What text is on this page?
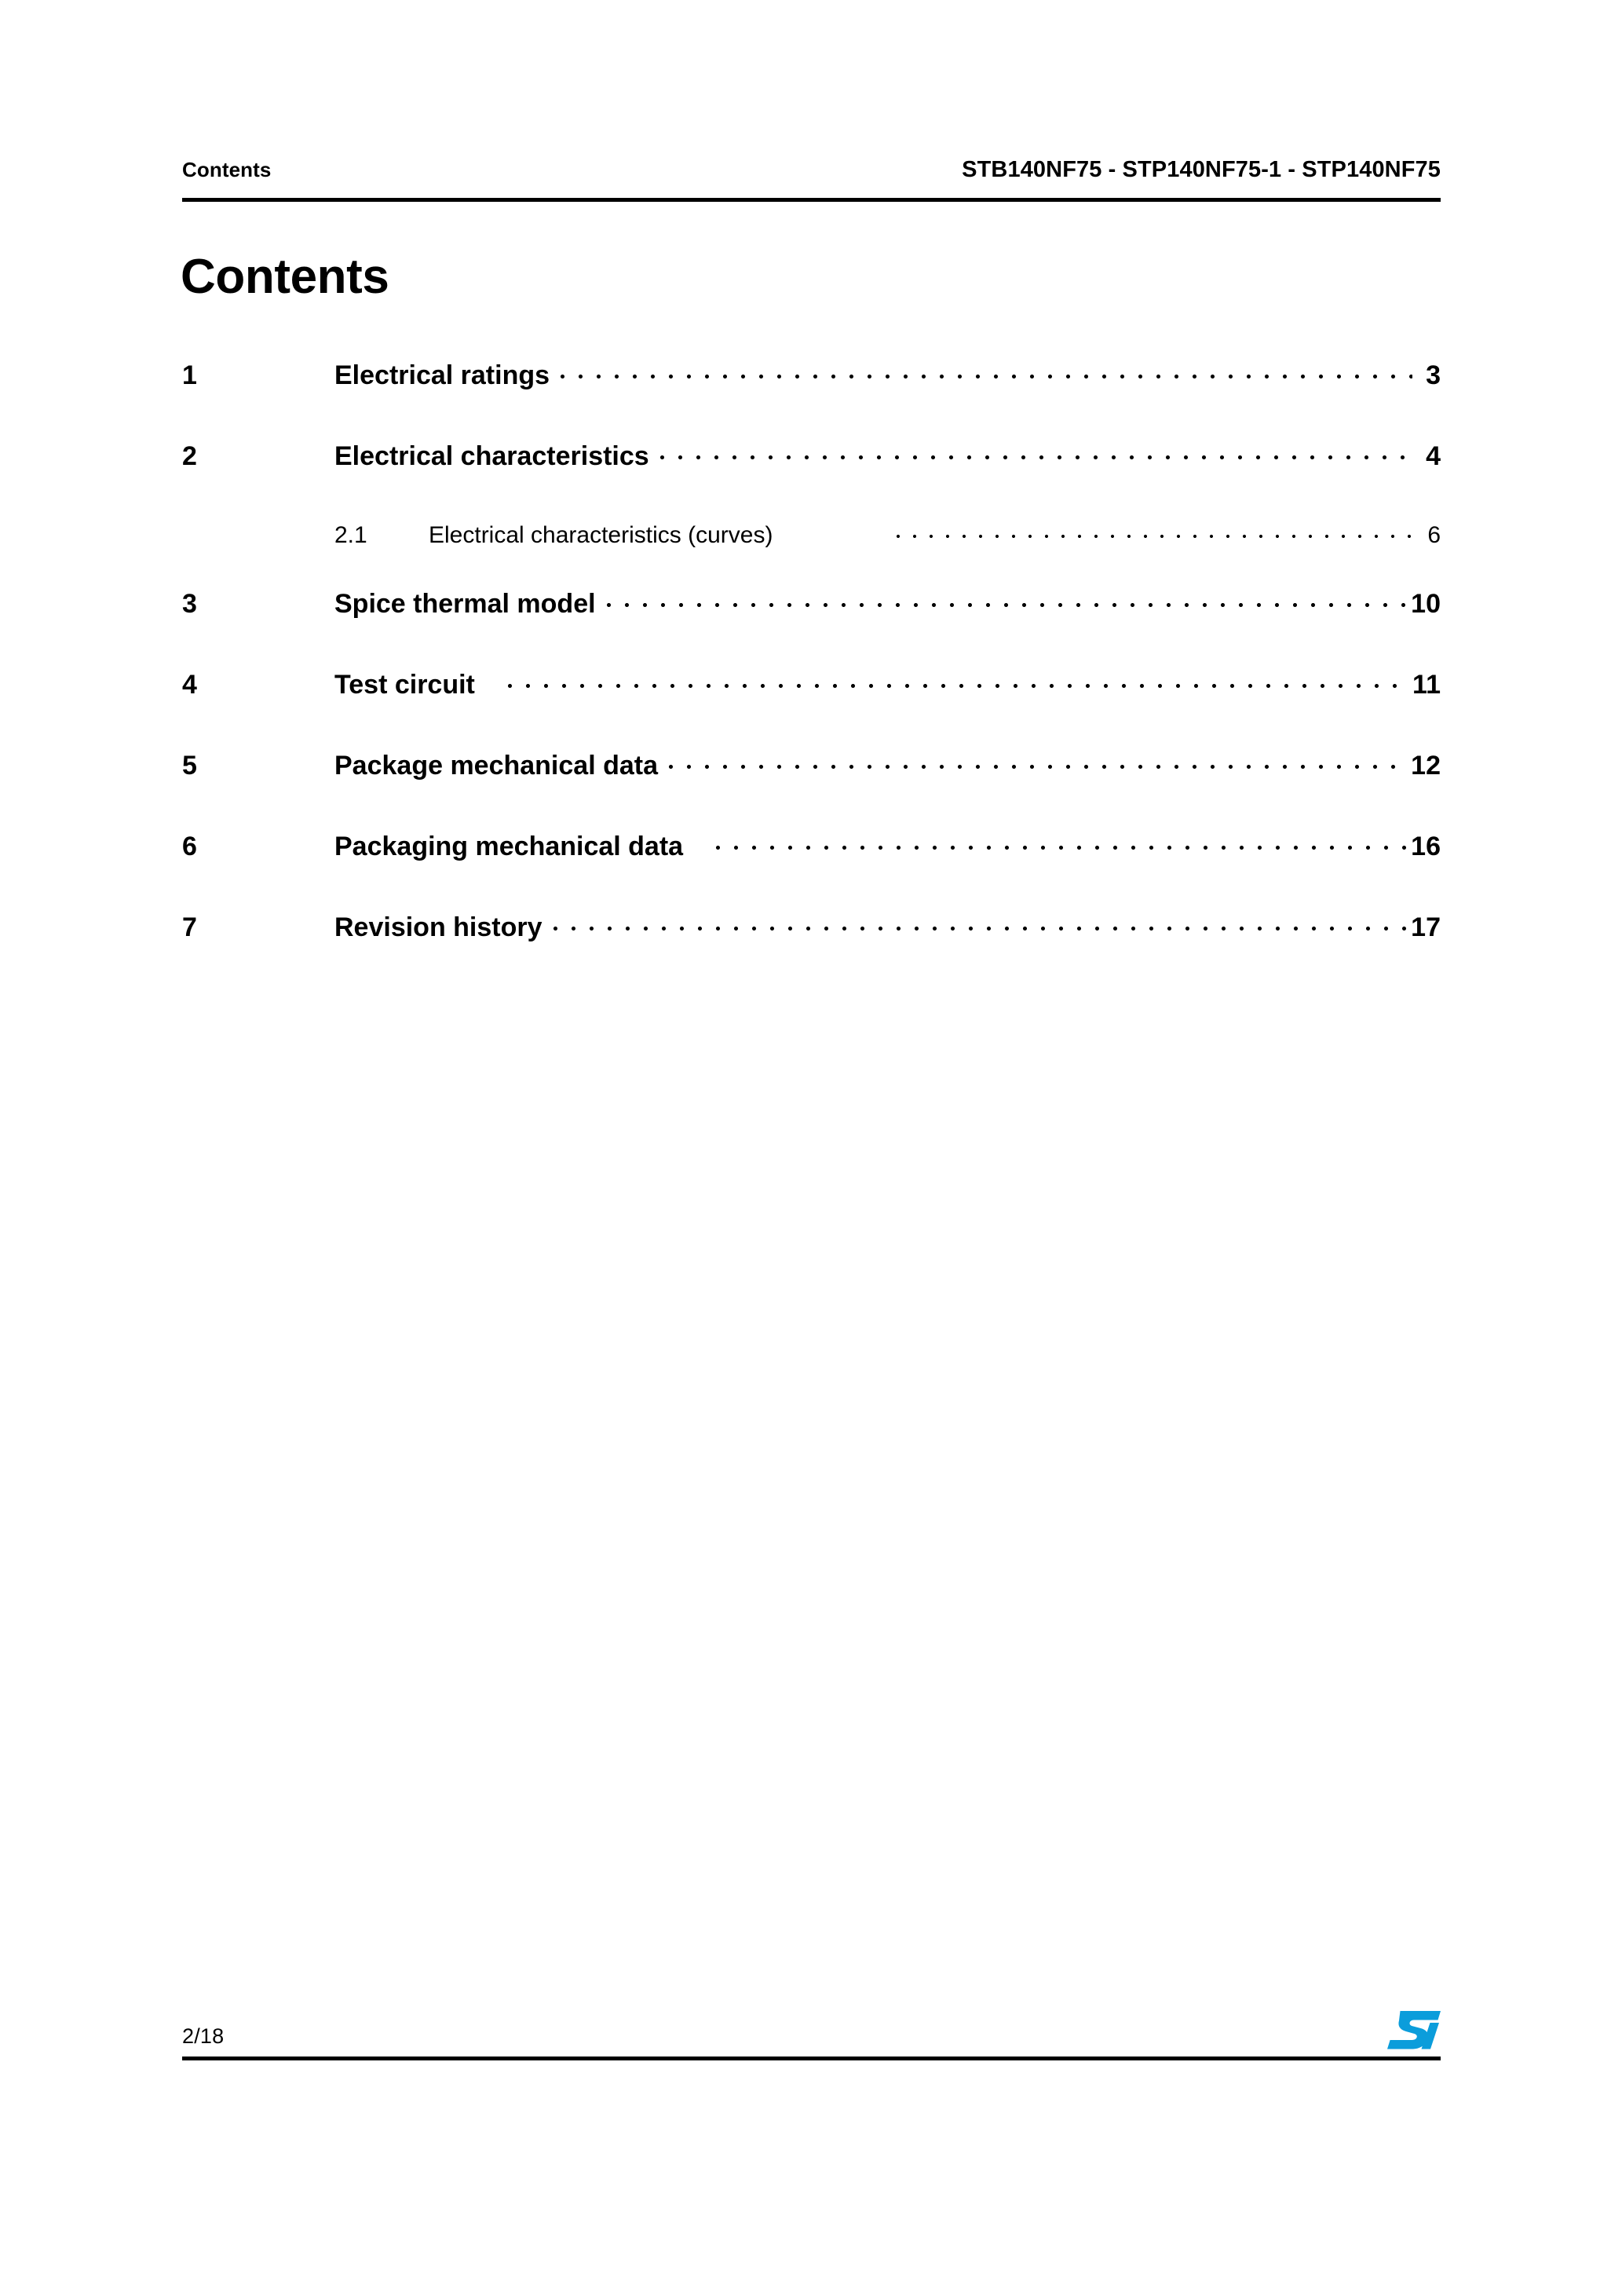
Contents	STB140NF75 - STP140NF75-1 - STP140NF75
Contents
1	Electrical ratings	3
2	Electrical characteristics	4
2.1	Electrical characteristics (curves)	6
3	Spice thermal model	10
4	Test circuit	11
5	Package mechanical data	12
6	Packaging mechanical data	16
7	Revision history	17
2/18
